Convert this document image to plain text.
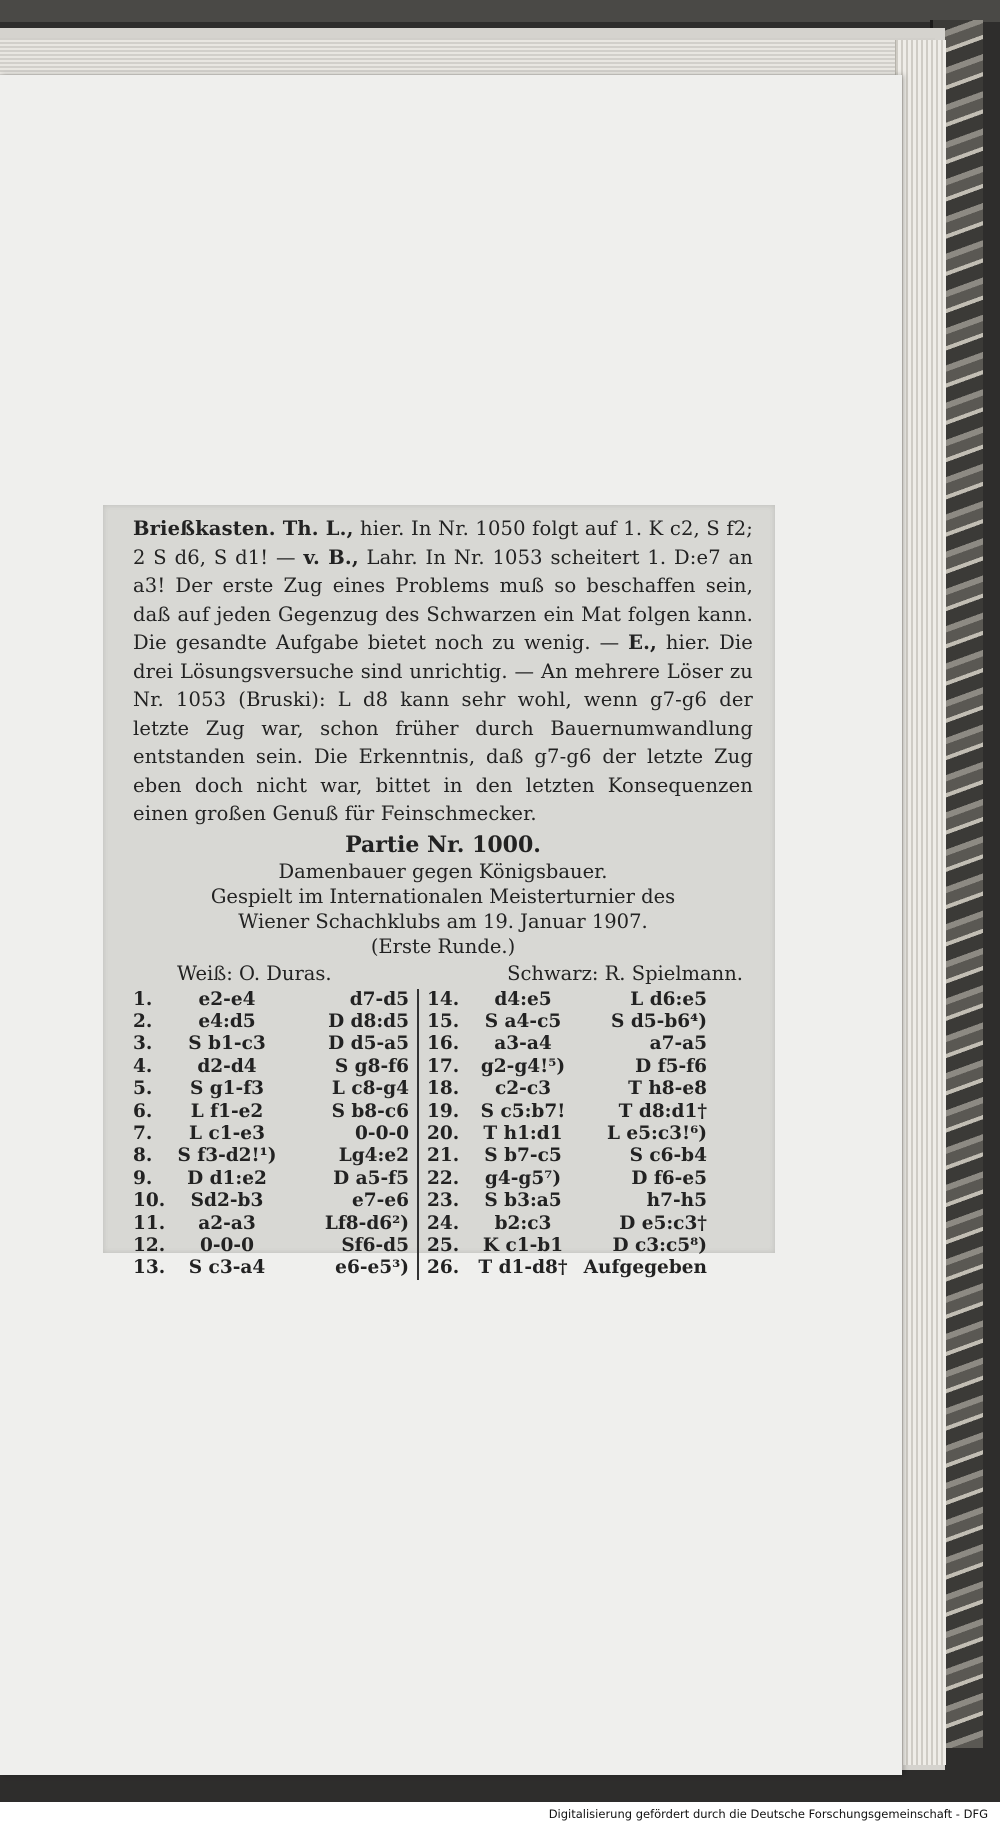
Brießkasten. Th. L., hier. In Nr. 1050 folgt auf 1. K c2, S f2; 2 S d6, S d1! — v. B., Lahr. In Nr. 1053 scheitert 1. D:e7 an a3! Der erste Zug eines Problems muß so beschaffen sein, daß auf jeden Gegenzug des Schwarzen ein Mat folgen kann. Die gesandte Aufgabe bietet noch zu wenig. — E., hier. Die drei Lösungsversuche sind unrichtig. — An mehrere Löser zu Nr. 1053 (Bruski): L d8 kann sehr wohl, wenn g7-g6 der letzte Zug war, schon früher durch Bauernumwandlung entstanden sein. Die Erkenntnis, daß g7-g6 der letzte Zug eben doch nicht war, bittet in den letzten Konsequenzen einen großen Genuß für Feinschmecker.

Partie Nr. 1000.
Damenbauer gegen Königsbauer.
Gespielt im Internationalen Meisterturnier des
Wiener Schachklubs am 19. Januar 1907.
(Erste Runde.)
Weiß: O. Duras.	Schwarz: R. Spielmann.
1.	e2-e4	d7-d5
2.	e4:d5	D d8:d5
3.	S b1-c3	D d5-a5
4.	d2-d4	S g8-f6
5.	S g1-f3	L c8-g4
6.	L f1-e2	S b8-c6
7.	L c1-e3	0-0-0
8.	S f3-d2!¹)	Lg4:e2
9.	D d1:e2	D a5-f5
10.	Sd2-b3	e7-e6
11.	a2-a3	Lf8-d6²)
12.	0-0-0	Sf6-d5
13.	S c3-a4	e6-e5³)
14.	d4:e5	L d6:e5
15.	S a4-c5	S d5-b6⁴)
16.	a3-a4	a7-a5
17.	g2-g4!⁵)	D f5-f6
18.	c2-c3	T h8-e8
19.	S c5:b7!	T d8:d1†
20.	T h1:d1	L e5:c3!⁶)
21.	S b7-c5	S c6-b4
22.	g4-g5⁷)	D f6-e5
23.	S b3:a5	h7-h5
24.	b2:c3	D e5:c3†
25.	K c1-b1	D c3:c5⁸)
26.	T d1-d8† Aufgegeben
Digitalisierung gefördert durch die Deutsche Forschungsgemeinschaft - DFG
